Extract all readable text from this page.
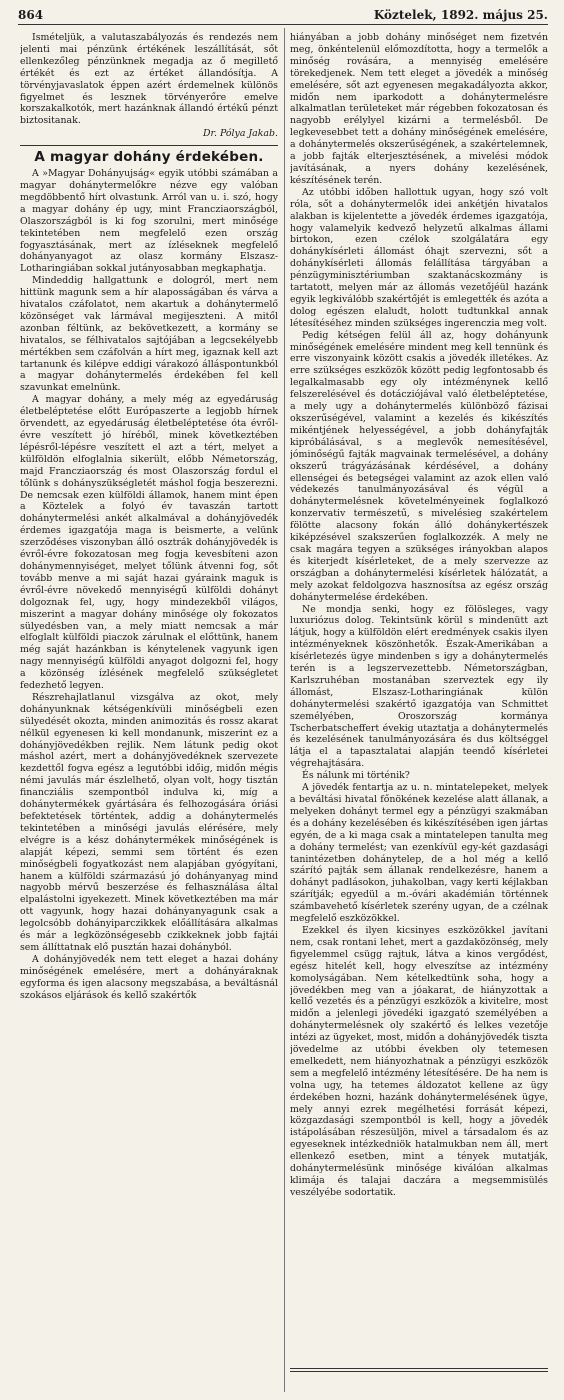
864	Köztelek, 1892. május 25.

Ismételjük, a valutaszabályozás és rendezés nem jelenti mai pénzünk értékének leszállítását, sőt ellenkezőleg pénzünknek megadja az ő megillető értékét és ezt az értéket állandósítja. A törvényjavaslatok éppen azért érdemelnek különös figyelmet és lesznek törvényerőre emelve korszakalkotók, mert hazánknak állandó értékű pénzt biztositanak.

Dr. Pólya Jakab.
A magyar dohány érdekében.

A »Magyar Dohányujság« egyik utóbbi számában a magyar dohánytermelőkre nézve egy valóban megdöbbentő hírt olvastunk. Arról van u. i. szó, hogy a magyar dohány ép ugy, mint Francziaországból, Olaszországból is ki fog szorulni, mert minősége tekintetében nem megfelelő ezen ország fogyasztásának, mert az ízléseknek megfelelő dohányanyagot az olasz kormány Elszasz-Lotharingiában sokkal jutányosabban megkaphatja.

Mindeddig hallgattunk e dologról, mert nem hittünk magunk sem a hír alaposságában és várva a hivatalos czáfolatot, nem akartuk a dohánytermelő közönséget vak lármával megijeszteni. A mitől azonban féltünk, az bekövetkezett, a kormány se hivatalos, se félhivatalos sajtójában a legcsekélyebb mértékben sem czáfolván a hírt meg, igaznak kell azt tartanunk és kilépve eddigi várakozó álláspontunkból a magyar dohánytermelés érdekében fel kell szavunkat emelnünk.

A magyar dohány, a mely még az egyedáruság életbeléptetése előtt Európaszerte a legjobb hírnek örvendett, az egyedáruság életbeléptetése óta évről-évre veszített jó híréből, minek következtében lépésről-lépésre veszített el azt a tért, melyet a külföldön elfoglalnia sikerült, előbb Németország, majd Francziaország és most Olaszország fordul el tőlünk s dohányszükségletét máshol fogja beszerezni. De nemcsak ezen külföldi államok, hanem mint épen a Köztelek a folyó év tavaszán tartott dohánytermelési ankét alkalmával a dohányjövedék érdemes igazgatója maga is beismerte, a velünk szerződéses viszonyban álló osztrák dohányjövedék is évről-évre fokozatosan meg fogja kevesbíteni azon dohánymennyiséget, melyet tőlünk átvenni fog, sőt tovább menve a mi saját hazai gyáraink maguk is évről-évre növekedő mennyiségű külföldi dohányt dolgoznak fel, ugy, hogy mindezekből világos, miszerint a magyar dohány minősége oly fokozatos sülyedésben van, a mely miatt nemcsak a már elfoglalt külföldi piaczok zárulnak el előttünk, hanem még saját hazánkban is kénytelenek vagyunk igen nagy mennyiségű külföldi anyagot dolgozni fel, hogy a közönség ízlésének megfelelő szükségletet fedezhető legyen.

Részrehajlatlanul vizsgálva az okot, mely dohányunknak kétségenkívüli minőségbeli ezen sülyedését okozta, minden animozitás és rossz akarat nélkül egyenesen ki kell mondanunk, miszerint ez a dohányjövedékben rejlik. Nem látunk pedig okot máshol azért, mert a dohányjövedéknek szervezete kezdettől fogva egész a legutóbbi időig, midőn mégis némi javulás már észlelhető, olyan volt, hogy tisztán financziális szempontból indulva ki, míg a dohánytermékek gyártására és felhozogására óriási befektetések történtek, addig a dohánytermelés tekintetében a minőségi javulás elérésére, mely elvégre is a kész dohánytermékek minőségének is alapját képezi, semmi sem történt és ezen minőségbeli fogyatkozást nem alapjában gyógyítani, hanem a külföldi származású jó dohányanyag mind nagyobb mérvű beszerzése és felhasználása által elpalástolni igyekezett. Minek következtében ma már ott vagyunk, hogy hazai dohányanyagunk csak a legolcsóbb dohányiparczikkek előállítására alkalmas és már a legközönségesebb czikkeknek jobb fajtái sem állíttatnak elő pusztán hazai dohányból.

A dohányjövedék nem tett eleget a hazai dohány minőségének emelésére, mert a dohányáraknak egyforma és igen alacsony megszabása, a beváltásnál szokásos eljárások és kellő szakértők

hiányában a jobb dohány minőséget nem fizetvén meg, önkéntelenül előmozdította, hogy a termelők a minőség rovására, a mennyiség emelésére törekedjenek. Nem tett eleget a jövedék a minőség emelésére, sőt azt egyenesen megakadályozta akkor, midőn nem iparkodott a dohánytermelésre alkalmatlan területeket már régebben fokozatosan és nagyobb erélylyel kizárni a termelésből. De legkevesebbet tett a dohány minőségének emelésére, a dohánytermelés okszerűségének, a szakértelemnek, a jobb fajták elterjesztésének, a mivelési módok javításának, a nyers dohány kezelésének, készítésének terén.

Az utóbbi időben hallottuk ugyan, hogy szó volt róla, sőt a dohánytermelők idei ankétjén hivatalos alakban is kijelentette a jövedék érdemes igazgatója, hogy valamelyik kedvező helyzetű alkalmas állami birtokon, ezen czélok szolgálatára egy dohánykísérleti állomást óhajt szervezni, sőt a dohánykísérleti állomás felállítása tárgyában a pénzügyminisztériumban szaktanácskozmány is tartatott, melyen már az állomás vezetőjéül hazánk egyik legkiválóbb szakértőjét is emlegették és azóta a dolog egészen elaludt, holott tudtunkkal annak létesítéséhez minden szükséges ingerencziа meg volt.

Pedig kétségen felül áll az, hogy dohányunk minőségének emelésére mindent meg kell tennünk és erre viszonyaink között csakis a jövedék illetékes. Az erre szükséges eszközök között pedig legfontosabb és legalkalmasabb egy oly intézménynek kellő felszerelésével és dotácziójával való életbeléptetése, a mely ugy a dohánytermelés különböző fázisai okszerűségével, valamint a kezelés és kikészítés mikéntjének helyességével, a jobb dohányfajták kipróbálásával, s a meglevők nemesítésével, jóminőségű fajták magvainak termelésével, a dohány okszerű trágyázásának kérdésével, a dohány ellenségei és betegségei valamint az azok ellen való védekezés tanulmányozásával és végül a dohánytermelésnek követelményeinek foglalkozó konzervativ természetű, s mivelésieg szakértelem fölötte alacsony fokán álló dohánykertészek kiképzésével szakszerűen foglalkozzék. A mely ne csak magára tegyen a szükséges irányokban alapos és kiterjedt kísérleteket, de a mely szervezze az országban a dohánytermelési kísérletek hálózatát, a mely azokat feldolgozva hasznosítsa az egész ország dohánytermelése érdekében.

Ne mondja senki, hogy ez fölösleges, vagy luxuriózus dolog. Tekintsünk körül s mindenütt azt látjuk, hogy a külföldön elért eredmények csakis ilyen intézményeknek köszönhetők. Észak-Amerikában a kísérletezés ügye mindenben s igy a dohánytermelés terén is a legszervezettebb. Németországban, Karlszruhéban mostanában szerveztek egy ily állomást, Elszasz-Lotharingiának külön dohánytermelési szakértő igazgatója van Schmittet személyében, Oroszország kormánya Tscherbatscheffert évekig utaztatja a dohánytermelés és kezelésének tanulmányozására és dus költséggel látja el a tapasztalatai alapján teendő kísérletei végrehajtására.

És nálunk mi történik?

A jövedék fentartja az u. n. mintatelepeket, melyek a beváltási hivatal főnökének kezelése alatt állanak, a melyeken dohányt termel egy a pénzügyi szakmában és a dohány kezelésében és kikészítésében igen jártas egyén, de a ki maga csak a mintatelepen tanulta meg a dohány termelést; van ezenkívül egy-két gazdasági tanintézetben dohánytelep, de a hol még a kellő szárító pajták sem állanak rendelkezésre, hanem a dohányt padlásokon, juhakolban, vagy kerti kéjlakban szárítják; egyedül a m.-óvári akadémián történnek számbavehető kísérletek szerény ugyan, de a czélnak megfelelő eszközökkel.

Ezekkel és ilyen kicsinyes eszközökkel javítani nem, csak rontani lehet, mert a gazdaközönség, mely figyelemmel csügg rajtuk, látva a kinos vergődést, egész hitelét kell, hogy elveszítse az intézmény komolyságában. Nem kételkedtünk soha, hogy a jövedékben meg van a jóakarat, de hiányzottak a kellő vezetés és a pénzügyi eszközök a kivitelre, most midőn a jelenlegi jövedéki igazgató személyében a dohánytermelésnek oly szakértő és lelkes vezetője intézi az ügyeket, most, midőn a dohányjövedék tiszta jövedelme az utóbbi években oly tetemesen emelkedett, nem hiányozhatnak a pénzügyi eszközök sem a megfelelő intézmény létesítésére. De ha nem is volna ugy, ha tetemes áldozatot kellene az ügy érdekében hozni, hazánk dohánytermelésének ügye, mely annyi ezrek megélhetési forrását képezi, közgazdasági szempontból is kell, hogy a jövedék istápolásában részesüljön, mivel a társadalom és az egyeseknek intézkedniök hatalmukban nem áll, mert ellenkező esetben, mint a tények mutatják, dohánytermelésünk minősége kiválóan alkalmas klimája és talajai daczára a megsemmisülés veszélyébe sodortatik.
